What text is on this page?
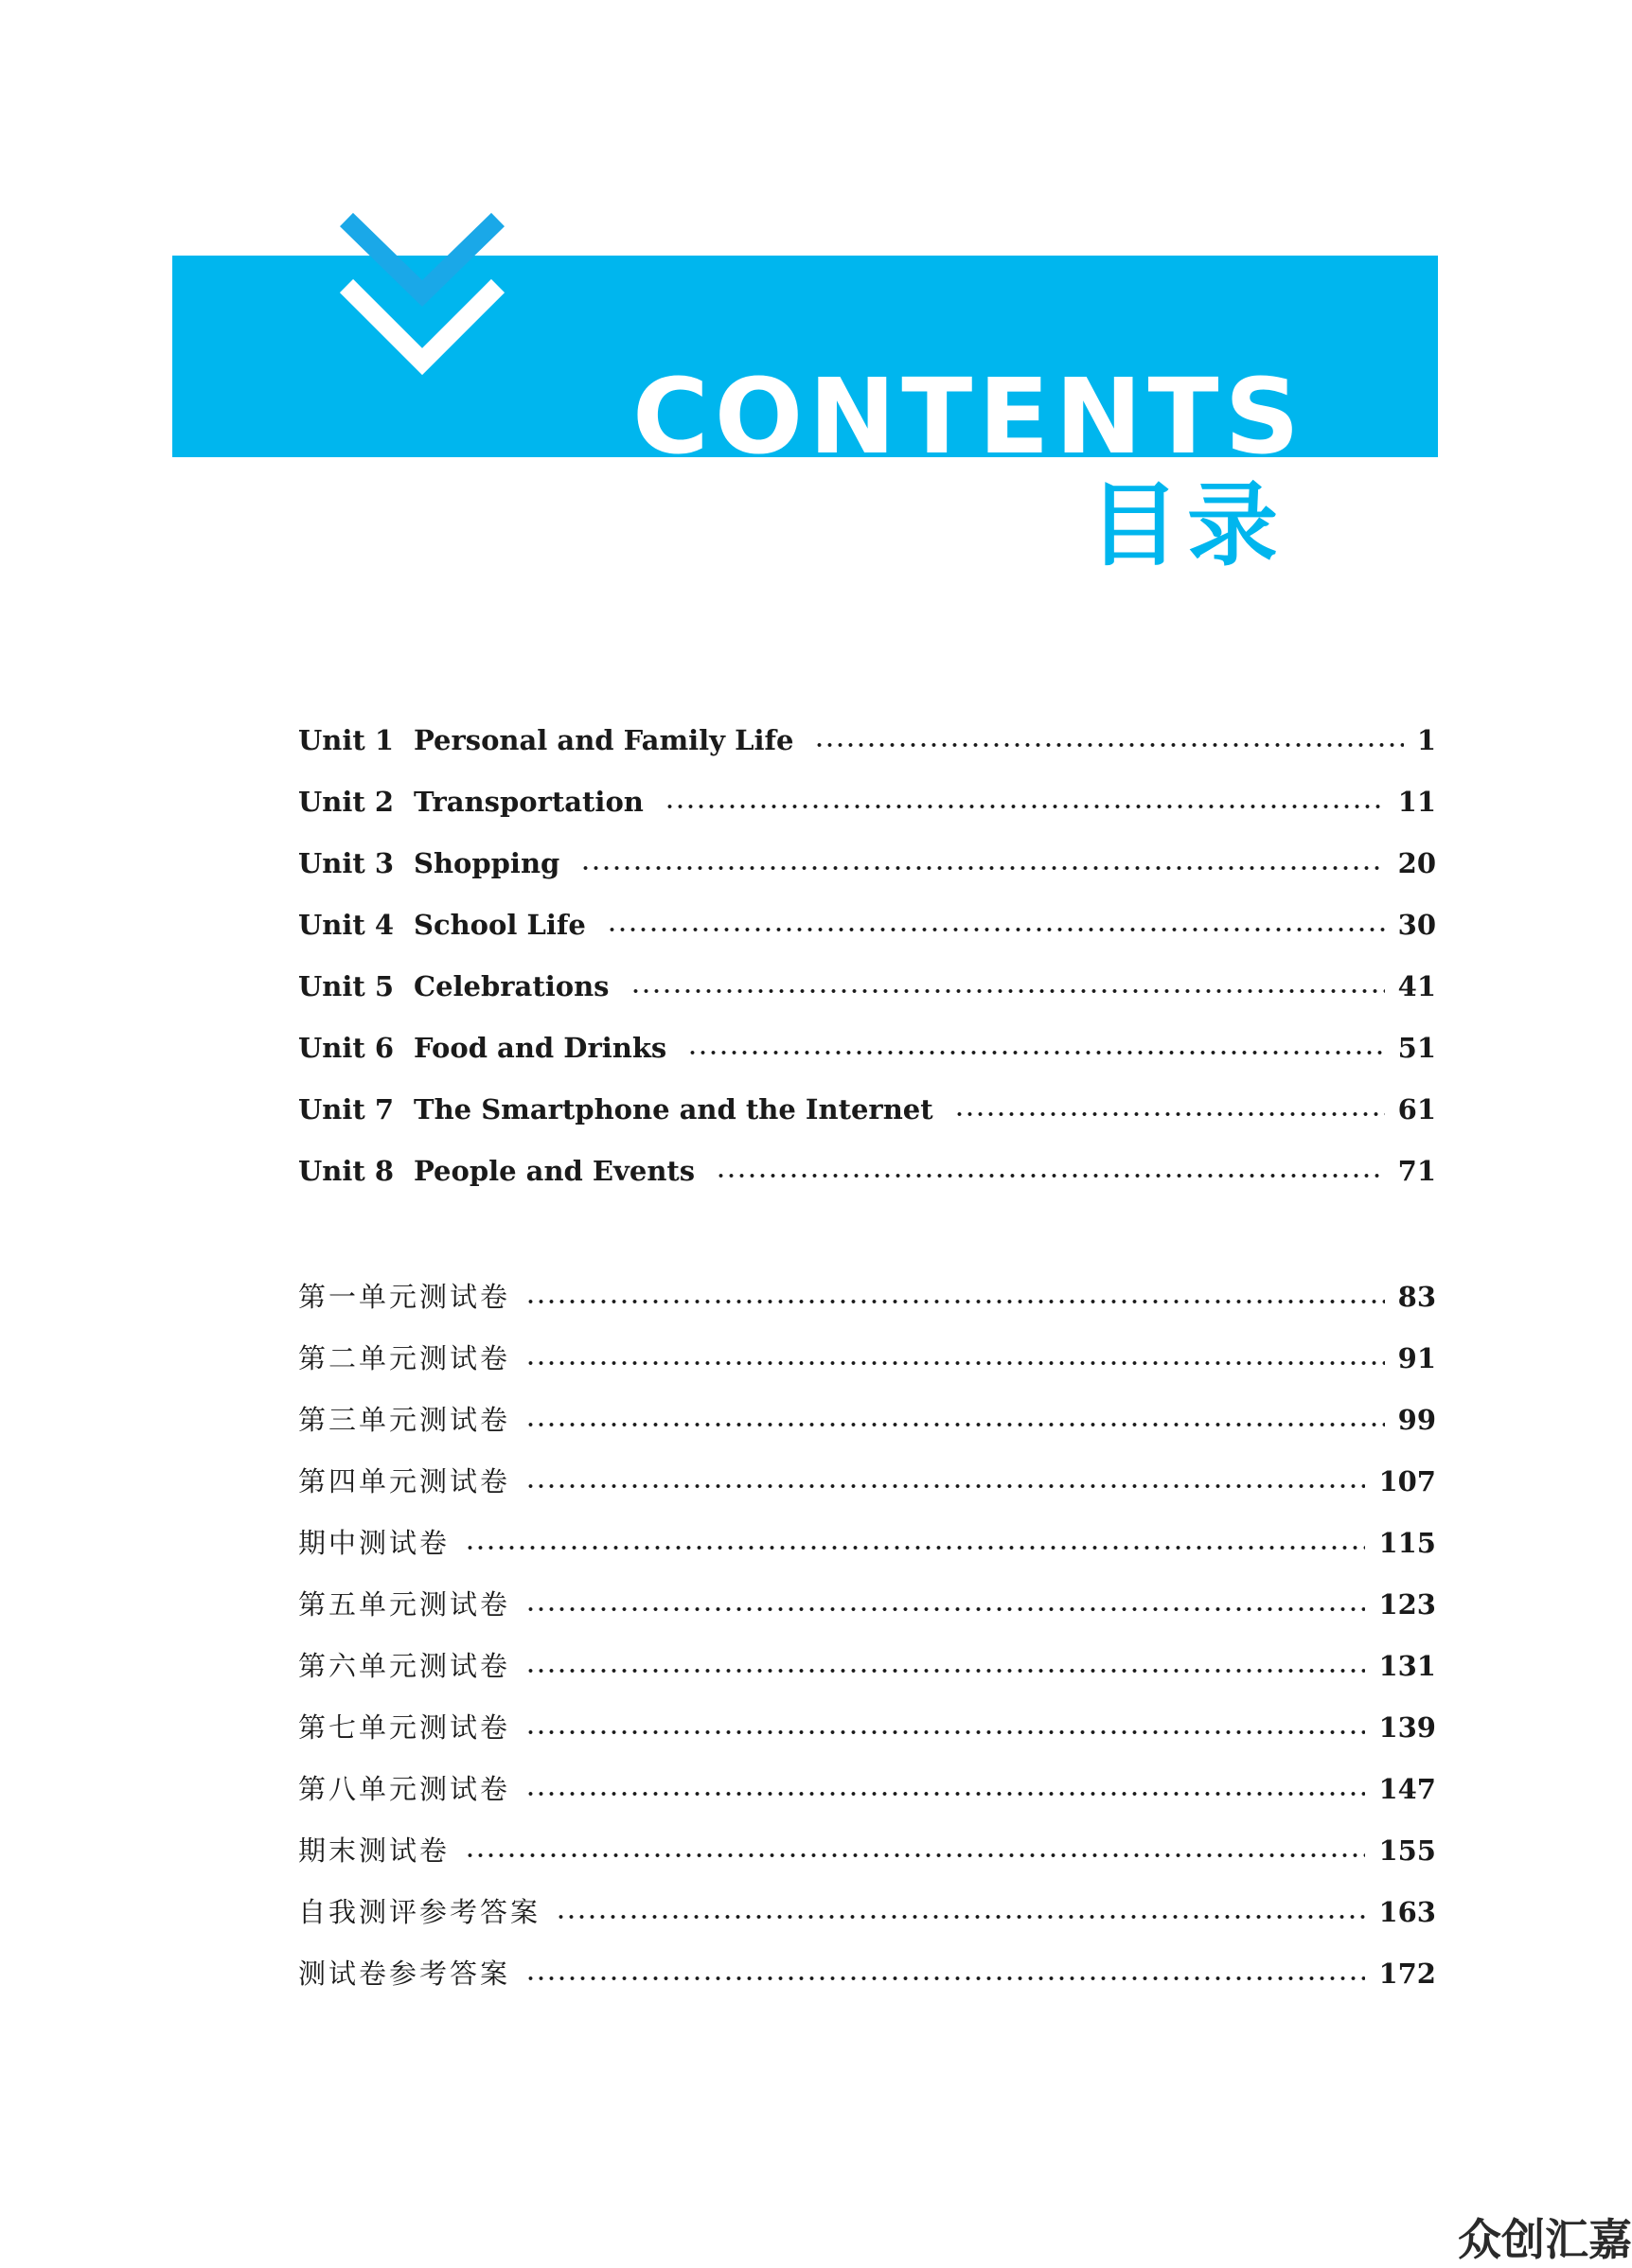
CONTENTS
目录
Unit 1 Personal and Family Life	1
Unit 2 Transportation	11
Unit 3 Shopping	20
Unit 4 School Life	30
Unit 5 Celebrations	41
Unit 6 Food and Drinks	51
Unit 7 The Smartphone and the Internet	61
Unit 8 People and Events	71
第一单元测试卷	83
第二单元测试卷	91
第三单元测试卷	99
第四单元测试卷	107
期中测试卷	115
第五单元测试卷	123
第六单元测试卷	131
第七单元测试卷	139
第八单元测试卷	147
期末测试卷	155
自我测评参考答案	163
测试卷参考答案	172
众创汇嘉
